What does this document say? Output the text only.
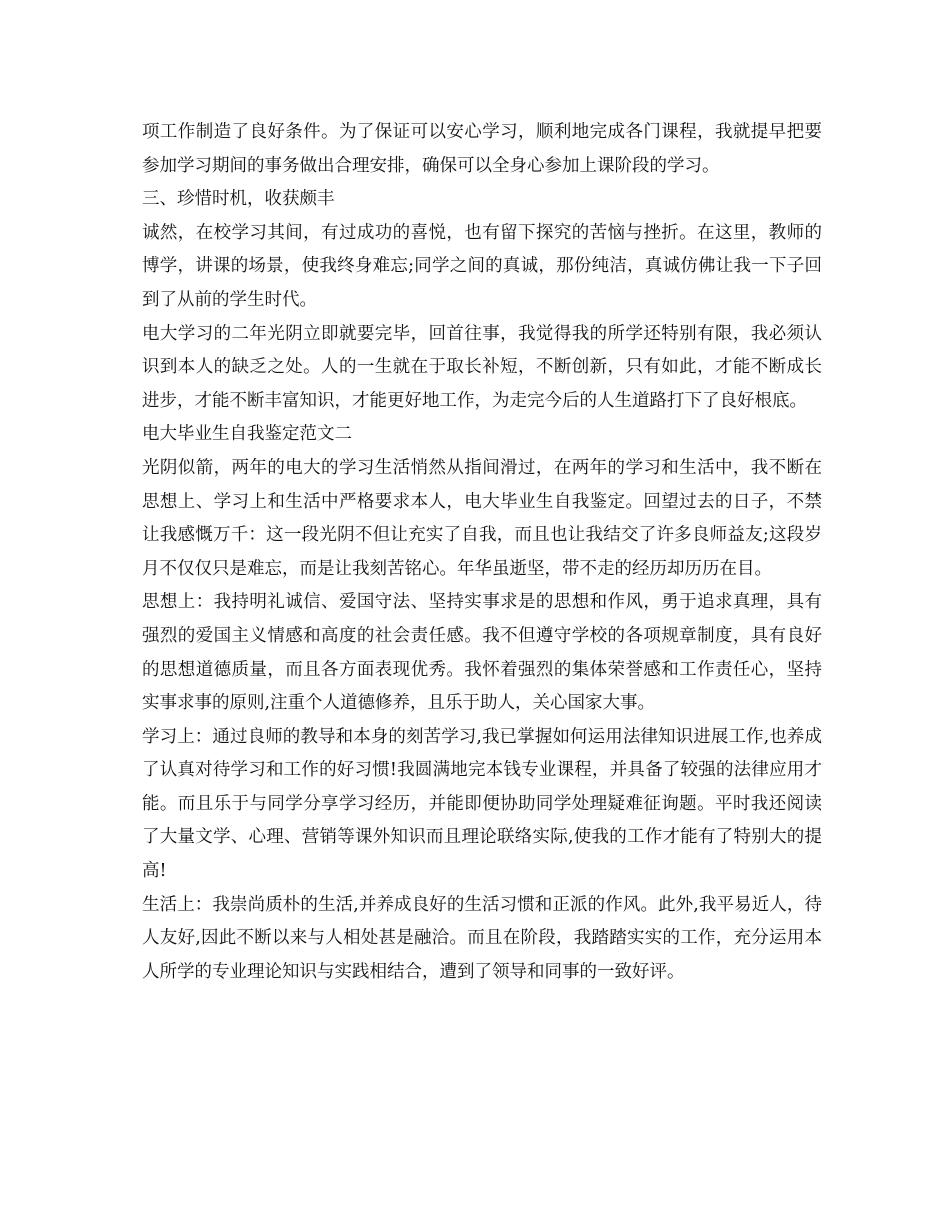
项工作制造了良好条件。为了保证可以安心学习，顺利地完成各门课程，我就提早把要参加学习期间的事务做出合理安排，确保可以全身心参加上课阶段的学习。

三、珍惜时机，收获颇丰

诚然，在校学习其间，有过成功的喜悦，也有留下探究的苦恼与挫折。在这里，教师的博学，讲课的场景，使我终身难忘;同学之间的真诚，那份纯洁，真诚仿佛让我一下子回到了从前的学生时代。

电大学习的二年光阴立即就要完毕，回首往事，我觉得我的所学还特别有限，我必须认识到本人的缺乏之处。人的一生就在于取长补短，不断创新，只有如此，才能不断成长进步，才能不断丰富知识，才能更好地工作，为走完今后的人生道路打下了良好根底。

电大毕业生自我鉴定范文二

光阴似箭，两年的电大的学习生活悄然从指间滑过，在两年的学习和生活中，我不断在思想上、学习上和生活中严格要求本人，电大毕业生自我鉴定。回望过去的日子，不禁让我感慨万千：这一段光阴不但让充实了自我，而且也让我结交了许多良师益友;这段岁月不仅仅只是难忘，而是让我刻苦铭心。年华虽逝坚，带不走的经历却历历在目。

思想上：我持明礼诚信、爱国守法、坚持实事求是的思想和作风，勇于追求真理，具有强烈的爱国主义情感和高度的社会责任感。我不但遵守学校的各项规章制度，具有良好的思想道德质量，而且各方面表现优秀。我怀着强烈的集体荣誉感和工作责任心，坚持实事求事的原则,注重个人道德修养，且乐于助人，关心国家大事。

学习上：通过良师的教导和本身的刻苦学习,我已掌握如何运用法律知识进展工作,也养成了认真对待学习和工作的好习惯!我圆满地完本钱专业课程，并具备了较强的法律应用才能。而且乐于与同学分享学习经历，并能即便协助同学处理疑难征询题。平时我还阅读了大量文学、心理、营销等课外知识而且理论联络实际,使我的工作才能有了特别大的提高!

生活上：我崇尚质朴的生活,并养成良好的生活习惯和正派的作风。此外,我平易近人，待人友好,因此不断以来与人相处甚是融洽。而且在阶段，我踏踏实实的工作，充分运用本人所学的专业理论知识与实践相结合，遭到了领导和同事的一致好评。
